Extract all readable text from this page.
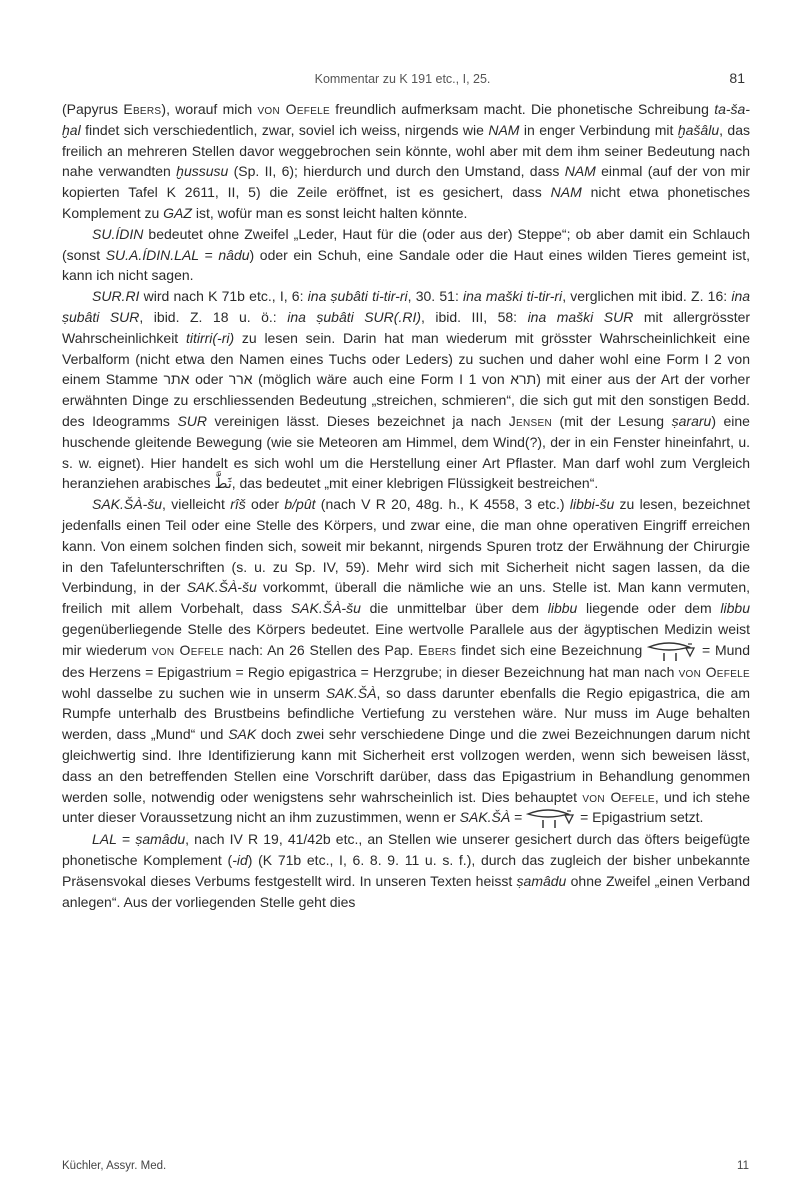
Kommentar zu K 191 etc., I, 25.	81

(Papyrus Ebers), worauf mich von Oefele freundlich aufmerksam macht. Die phonetische Schreibung ta-ša-ḫal findet sich verschiedentlich, zwar, soviel ich weiss, nirgends wie NAM in enger Verbindung mit ḫašâlu, das freilich an mehreren Stellen davor weggebrochen sein könnte, wohl aber mit dem ihm seiner Bedeutung nach nahe verwandten ḫussusu (Sp. II, 6); hierdurch und durch den Umstand, dass NAM einmal (auf der von mir kopierten Tafel K 2611, II, 5) die Zeile eröffnet, ist es gesichert, dass NAM nicht etwa phonetisches Komplement zu GAZ ist, wofür man es sonst leicht halten könnte.

SU.ÍDIN bedeutet ohne Zweifel „Leder, Haut für die (oder aus der) Steppe“; ob aber damit ein Schlauch (sonst SU.A.ÍDIN.LAL = nâdu) oder ein Schuh, eine Sandale oder die Haut eines wilden Tieres gemeint ist, kann ich nicht sagen.

SUR.RI wird nach K 71b etc., I, 6: ina ṣubâti ti-tir-ri, 30. 51: ina maški ti-tir-ri, verglichen mit ibid. Z. 16: ina ṣubâti SUR, ibid. Z. 18 u. ö.: ina ṣubâti SUR(.RI), ibid. III, 58: ina maški SUR mit allergrösster Wahrscheinlichkeit titirri(-ri) zu lesen sein. Darin hat man wiederum mit grösster Wahrscheinlichkeit eine Verbalform (nicht etwa den Namen eines Tuchs oder Leders) zu suchen und daher wohl eine Form I 2 von einem Stamme אתר oder ארר (möglich wäre auch eine Form I 1 von תרא) mit einer aus der Art der vorher erwähnten Dinge zu erschliessenden Bedeutung „streichen, schmieren“, die sich gut mit den sonstigen Bedd. des Ideogramms SUR vereinigen lässt. Dieses bezeichnet ja nach Jensen (mit der Lesung ṣararu) eine huschende gleitende Bewegung (wie sie Meteoren am Himmel, dem Wind(?), der in ein Fenster hineinfahrt, u. s. w. eignet). Hier handelt es sich wohl um die Herstellung einer Art Pflaster. Man darf wohl zum Vergleich heranziehen arabisches ثَطَّ, das bedeutet „mit einer klebrigen Flüssigkeit bestreichen“.

SAK.ŠÀ-šu, vielleicht rîš oder b/pût (nach V R 20, 48g. h., K 4558, 3 etc.) libbi-šu zu lesen, bezeichnet jedenfalls einen Teil oder eine Stelle des Körpers, und zwar eine, die man ohne operativen Eingriff erreichen kann. Von einem solchen finden sich, soweit mir bekannt, nirgends Spuren trotz der Erwähnung der Chirurgie in den Tafelunterschriften (s. u. zu Sp. IV, 59). Mehr wird sich mit Sicherheit nicht sagen lassen, da die Verbindung, in der SAK.ŠÀ-šu vorkommt, überall die nämliche wie an uns. Stelle ist. Man kann vermuten, freilich mit allem Vorbehalt, dass SAK.ŠÀ-šu die unmittelbar über dem libbu liegende oder dem libbu gegenüberliegende Stelle des Körpers bedeutet. Eine wertvolle Parallele aus der ägyptischen Medizin weist mir wiederum von Oefele nach: An 26 Stellen des Pap. Ebers findet sich eine Bezeichnung	= Mund des Herzens = Epigastrium = Regio epigastrica = Herzgrube; in dieser Bezeichnung hat man nach von Oefele wohl dasselbe zu suchen wie in unserm SAK.ŠÀ, so dass darunter ebenfalls die Regio epigastrica, die am Rumpfe unterhalb des Brustbeins befindliche Vertiefung zu verstehen wäre. Nur muss im Auge behalten werden, dass „Mund“ und SAK doch zwei sehr verschiedene Dinge und die zwei Bezeichnungen darum nicht gleichwertig sind. Ihre Identifizierung kann mit Sicherheit erst vollzogen werden, wenn sich beweisen lässt, dass an den betreffenden Stellen eine Vorschrift darüber, dass das Epigastrium in Behandlung genommen werden solle, notwendig oder wenigstens sehr wahrscheinlich ist. Dies behauptet von Oefele, und ich stehe unter dieser Voraussetzung nicht an ihm zuzustimmen, wenn er SAK.ŠÀ =	= Epigastrium setzt.

LAL = ṣamâdu, nach IV R 19, 41/42b etc., an Stellen wie unserer gesichert durch das öfters beigefügte phonetische Komplement (-id) (K 71b etc., I, 6. 8. 9. 11 u. s. f.), durch das zugleich der bisher unbekannte Präsensvokal dieses Verbums festgestellt wird. In unseren Texten heisst ṣamâdu ohne Zweifel „einen Verband anlegen“. Aus der vorliegenden Stelle geht dies

Küchler, Assyr. Med.	11
